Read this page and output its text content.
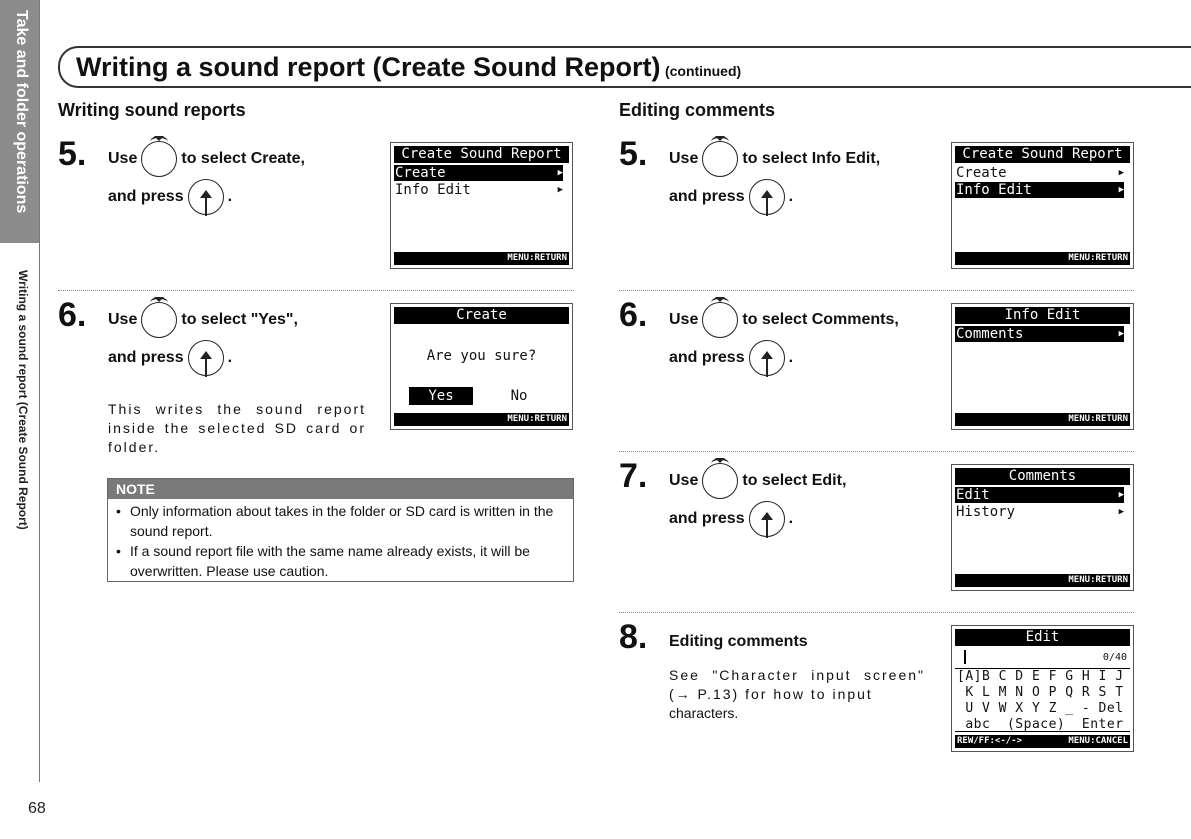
Take and folder operations
Writing a sound report (Create Sound Report)
68
Writing a sound report (Create Sound Report) (continued)
Writing sound reports
5. Use	to select Create,
and press	.
Create Sound Report
Create	▶
Info Edit	▶
MENU:RETURN
6. Use	to select "Yes",
and press	.
This writes the sound report inside the selected SD card or folder.
Create
Are you sure?
Yes	No
MENU:RETURN
NOTE
• Only information about takes in the folder or SD card is written in the sound report.
• If a sound report file with the same name already exists, it will be overwritten. Please use caution.
Editing comments
5. Use	to select Info Edit,
and press	.
Create Sound Report
Create	▶
Info Edit	▶
MENU:RETURN
6. Use	to select Comments,
and press	.
Info Edit
Comments	▶
MENU:RETURN
7. Use	to select Edit,
and press	.
Comments
Edit	▶
History	▶
MENU:RETURN
8. Editing comments
See "Character input screen" (→ P.13) for how to input
characters.
Edit
0/40
[A]B C D E F G H I J
K L M N O P Q R S T
U V W X Y Z _ - Del
abc  (Space)  Enter
REW/FF:<-/->	MENU:CANCEL
